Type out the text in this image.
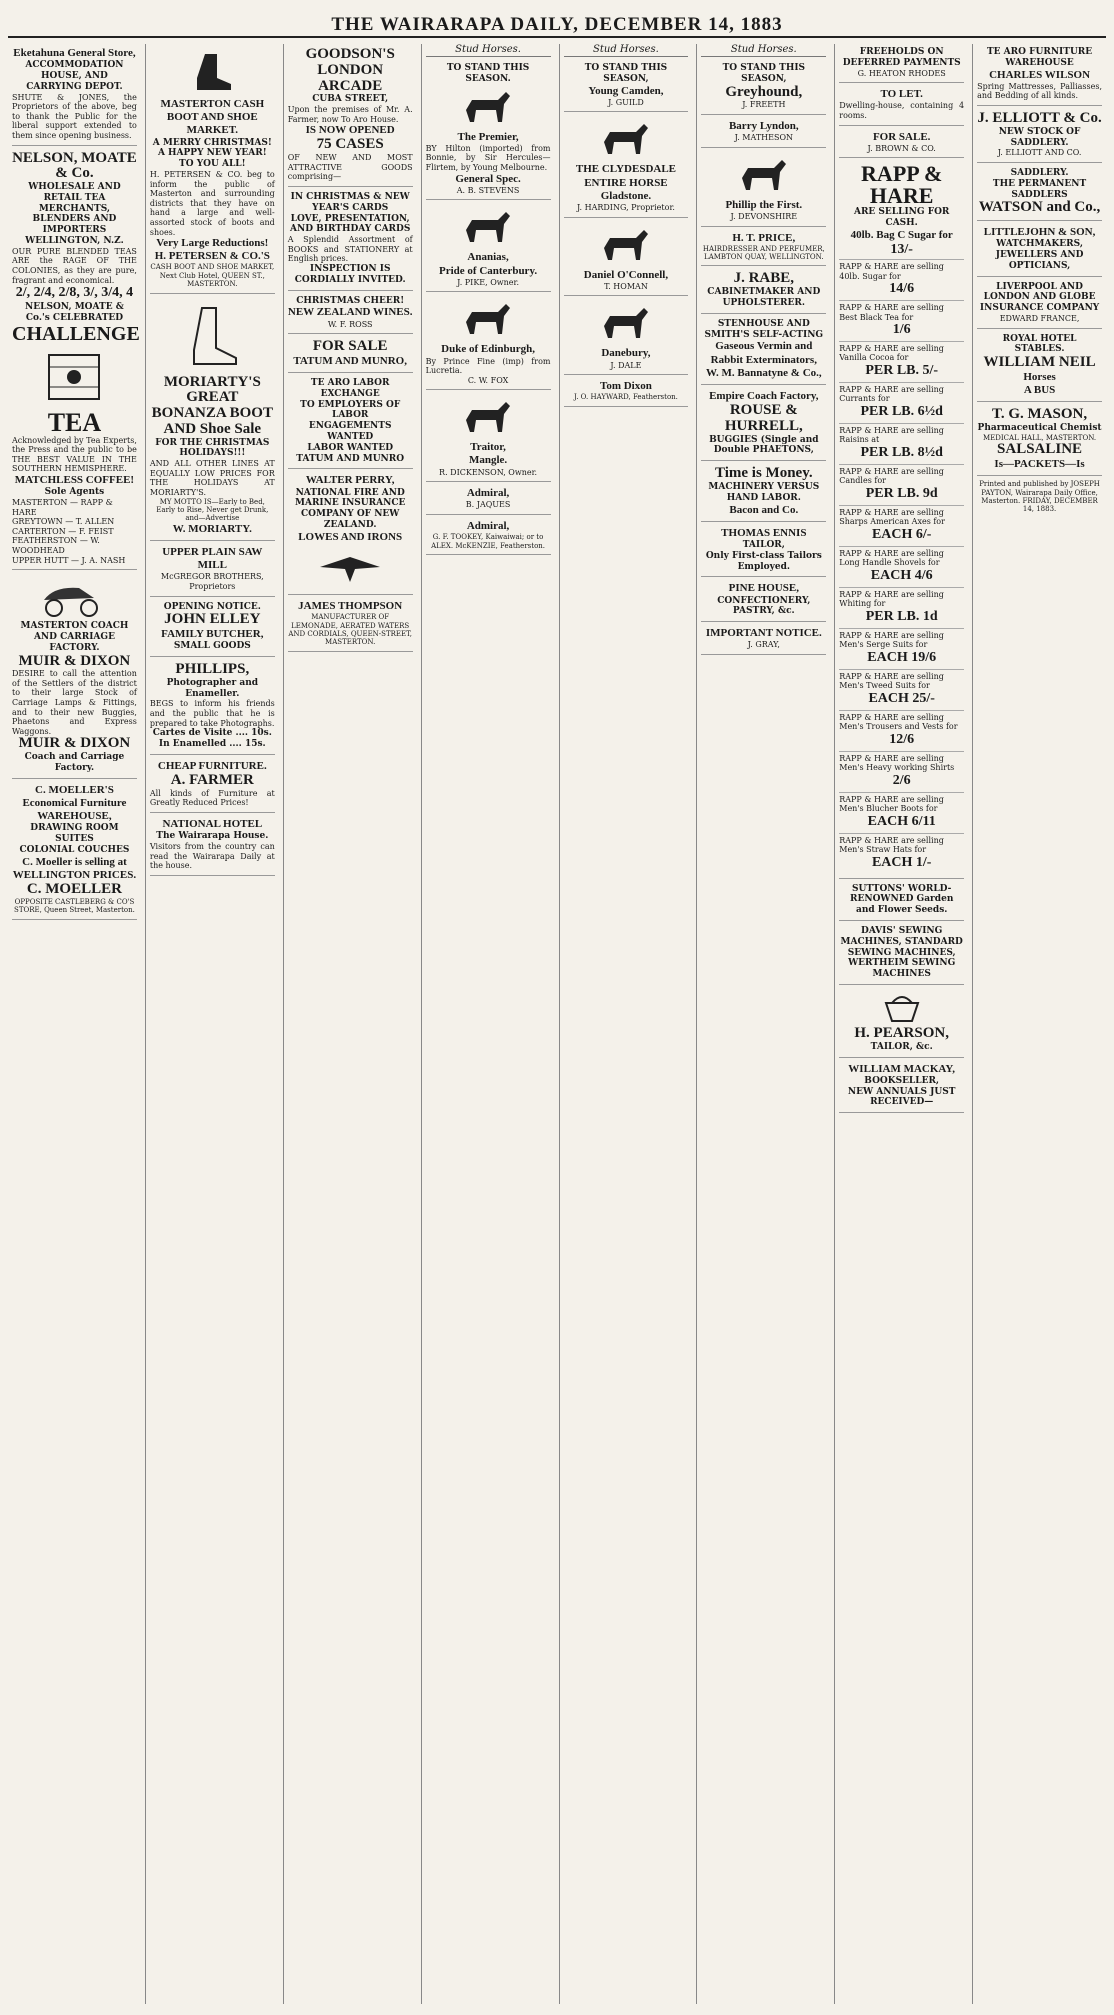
THE WAIRARAPA DAILY, DECEMBER 14, 1883
Eketahuna General Store,
ACCOMMODATION HOUSE, AND CARRYING DEPOT.
SHUTE & JONES, the Proprietors of the above, beg to thank the Public for the liberal support extended to them since opening business.
NELSON, MOATE & Co.
WHOLESALE AND RETAIL TEA MERCHANTS, BLENDERS AND IMPORTERS WELLINGTON, N.Z.
OUR PURE BLENDED TEAS ARE the RAGE OF THE COLONIES, as they are pure, fragrant and economical.
2/, 2/4, 2/8, 3/, 3/4, 4
NELSON, MOATE & Co.'s CELEBRATED
CHALLENGE
TEA
Acknowledged by Tea Experts, the Press and the public to be THE BEST VALUE IN THE SOUTHERN HEMISPHERE.
MATCHLESS COFFEE!
Sole Agents
MASTERTON — RAPP & HARE
GREYTOWN — T. ALLEN
CARTERTON — F. FEIST
FEATHERSTON — W. WOODHEAD
UPPER HUTT — J. A. NASH
MASTERTON COACH AND CARRIAGE FACTORY.
MUIR & DIXON
DESIRE to call the attention of the Settlers of the district to their large Stock of Carriage Lamps & Fittings, and to their new Buggies, Phaetons and Express Waggons.
MUIR & DIXON
Coach and Carriage Factory.
C. MOELLER'S Economical Furniture WAREHOUSE,
DRAWING ROOM SUITES
COLONIAL COUCHES
C. Moeller is selling at WELLINGTON PRICES.
C. MOELLER
OPPOSITE CASTLEBERG & CO'S STORE, Queen Street, Masterton.
MASTERTON CASH BOOT AND SHOE MARKET.
A MERRY CHRISTMAS!
A HAPPY NEW YEAR! TO YOU ALL!
H. PETERSEN & CO. beg to inform the public of Masterton and surrounding districts that they have on hand a large and well-assorted stock of boots and shoes.
Very Large Reductions!
H. PETERSEN & CO.'S
CASH BOOT AND SHOE MARKET, Next Club Hotel, QUEEN ST., MASTERTON.
MORIARTY'S GREAT BONANZA BOOT AND Shoe Sale
FOR THE CHRISTMAS HOLIDAYS!!!
AND ALL OTHER LINES AT EQUALLY LOW PRICES FOR THE HOLIDAYS AT MORIARTY'S.
MY MOTTO IS—Early to Bed, Early to Rise, Never get Drunk, and—Advertise
W. MORIARTY.
UPPER PLAIN SAW MILL
McGREGOR BROTHERS, Proprietors
OPENING NOTICE.
JOHN ELLEY
FAMILY BUTCHER,
SMALL GOODS
PHILLIPS,
Photographer and Enameller.
BEGS to inform his friends and the public that he is prepared to take Photographs.
Cartes de Visite .... 10s. In Enamelled .... 15s.
CHEAP FURNITURE.
A. FARMER
All kinds of Furniture at Greatly Reduced Prices!
NATIONAL HOTEL
The Wairarapa House.
Visitors from the country can read the Wairarapa Daily at the house.
GOODSON'S LONDON ARCADE
CUBA STREET,
Upon the premises of Mr. A. Farmer, now To Aro House.
IS NOW OPENED
75 CASES
OF NEW AND MOST ATTRACTIVE GOODS comprising—
IN CHRISTMAS & NEW YEAR'S CARDS
LOVE, PRESENTATION, AND BIRTHDAY CARDS
A Splendid Assortment of BOOKS and STATIONERY at English prices.
INSPECTION IS CORDIALLY INVITED.
CHRISTMAS CHEER!
NEW ZEALAND WINES.
W. F. ROSS
FOR SALE
TATUM AND MUNRO,
TE ARO LABOR EXCHANGE
TO EMPLOYERS OF LABOR
ENGAGEMENTS WANTED
LABOR WANTED
TATUM AND MUNRO
WALTER PERRY,
NATIONAL FIRE AND MARINE INSURANCE COMPANY OF NEW ZEALAND.
LOWES AND IRONS
JAMES THOMPSON
MANUFACTURER OF LEMONADE, AERATED WATERS AND CORDIALS, QUEEN-STREET, MASTERTON.
Stud Horses.
TO STAND THIS SEASON.
The Premier,
BY Hilton (imported) from Bonnie, by Sir Hercules—Flirtem, by Young Melbourne.
General Spec.
A. B. STEVENS
Ananias,
Pride of Canterbury.
J. PIKE, Owner.
Duke of Edinburgh,
By Prince Fine (imp) from Lucretia.
C. W. FOX
Traitor,
Mangle.
R. DICKENSON, Owner.
Admiral,
B. JAQUES
Admiral,
G. F. TOOKEY, Kaiwaiwai; or to ALEX. McKENZIE, Featherston.
Stud Horses.
TO STAND THIS SEASON,
Young Camden,
J. GUILD
THE CLYDESDALE ENTIRE HORSE Gladstone.
J. HARDING, Proprietor.
Daniel O'Connell,
T. HOMAN
Danebury,
J. DALE
Tom Dixon
J. O. HAYWARD, Featherston.
Stud Horses.
TO STAND THIS SEASON,
Greyhound,
J. FREETH
Barry Lyndon,
J. MATHESON
Phillip the First.
J. DEVONSHIRE
H. T. PRICE,
HAIRDRESSER AND PERFUMER, LAMBTON QUAY, WELLINGTON.
J. RABE,
CABINETMAKER AND UPHOLSTERER.
STENHOUSE AND SMITH'S SELF-ACTING
Gaseous Vermin and Rabbit Exterminators,
W. M. Bannatyne & Co.,
Empire Coach Factory,
ROUSE & HURRELL,
BUGGIES (Single and Double PHAETONS,
Time is Money.
MACHINERY VERSUS HAND LABOR.
Bacon and Co.
THOMAS ENNIS
TAILOR,
Only First-class Tailors Employed.
PINE HOUSE,
CONFECTIONERY, PASTRY, &c.
IMPORTANT NOTICE.
J. GRAY,
FREEHOLDS ON DEFERRED PAYMENTS
G. HEATON RHODES
TO LET.
Dwelling-house, containing 4 rooms.
FOR SALE.
J. BROWN & CO.
RAPP & HARE
ARE SELLING FOR CASH.
40lb. Bag C Sugar for
13/-
RAPP & HARE are selling 40lb. Sugar for
14/6
RAPP & HARE are selling Best Black Tea for
1/6
RAPP & HARE are selling Vanilla Cocoa for
PER LB. 5/-
RAPP & HARE are selling Currants for
PER LB. 6½d
RAPP & HARE are selling Raisins at
PER LB. 8½d
RAPP & HARE are selling Candles for
PER LB. 9d
RAPP & HARE are selling Sharps American Axes for
EACH 6/-
RAPP & HARE are selling Long Handle Shovels for
EACH 4/6
RAPP & HARE are selling Whiting for
PER LB. 1d
RAPP & HARE are selling Men's Serge Suits for
EACH 19/6
RAPP & HARE are selling Men's Tweed Suits for
EACH 25/-
RAPP & HARE are selling Men's Trousers and Vests for
12/6
RAPP & HARE are selling Men's Heavy working Shirts
2/6
RAPP & HARE are selling Men's Blucher Boots for
EACH 6/11
RAPP & HARE are selling Men's Straw Hats for
EACH 1/-
SUTTONS' WORLD-RENOWNED Garden and Flower Seeds.
DAVIS' SEWING MACHINES, STANDARD SEWING MACHINES, WERTHEIM SEWING MACHINES
H. PEARSON,
TAILOR, &c.
WILLIAM MACKAY,
BOOKSELLER,
NEW ANNUALS JUST RECEIVED—
TE ARO FURNITURE WAREHOUSE
CHARLES WILSON
Spring Mattresses, Palliasses, and Bedding of all kinds.
J. ELLIOTT & Co.
NEW STOCK OF SADDLERY.
J. ELLIOTT AND CO.
SADDLERY.
THE PERMANENT SADDLERS
WATSON and Co.,
LITTLEJOHN & SON,
WATCHMAKERS, JEWELLERS AND OPTICIANS,
LIVERPOOL AND LONDON AND GLOBE INSURANCE COMPANY
EDWARD FRANCE,
ROYAL HOTEL STABLES.
WILLIAM NEIL
Horses
A BUS
T. G. MASON,
Pharmaceutical Chemist
MEDICAL HALL, MASTERTON.
SALSALINE
Is—PACKETS—Is
Printed and published by JOSEPH PAYTON, Wairarapa Daily Office, Masterton. FRIDAY, DECEMBER 14, 1883.
